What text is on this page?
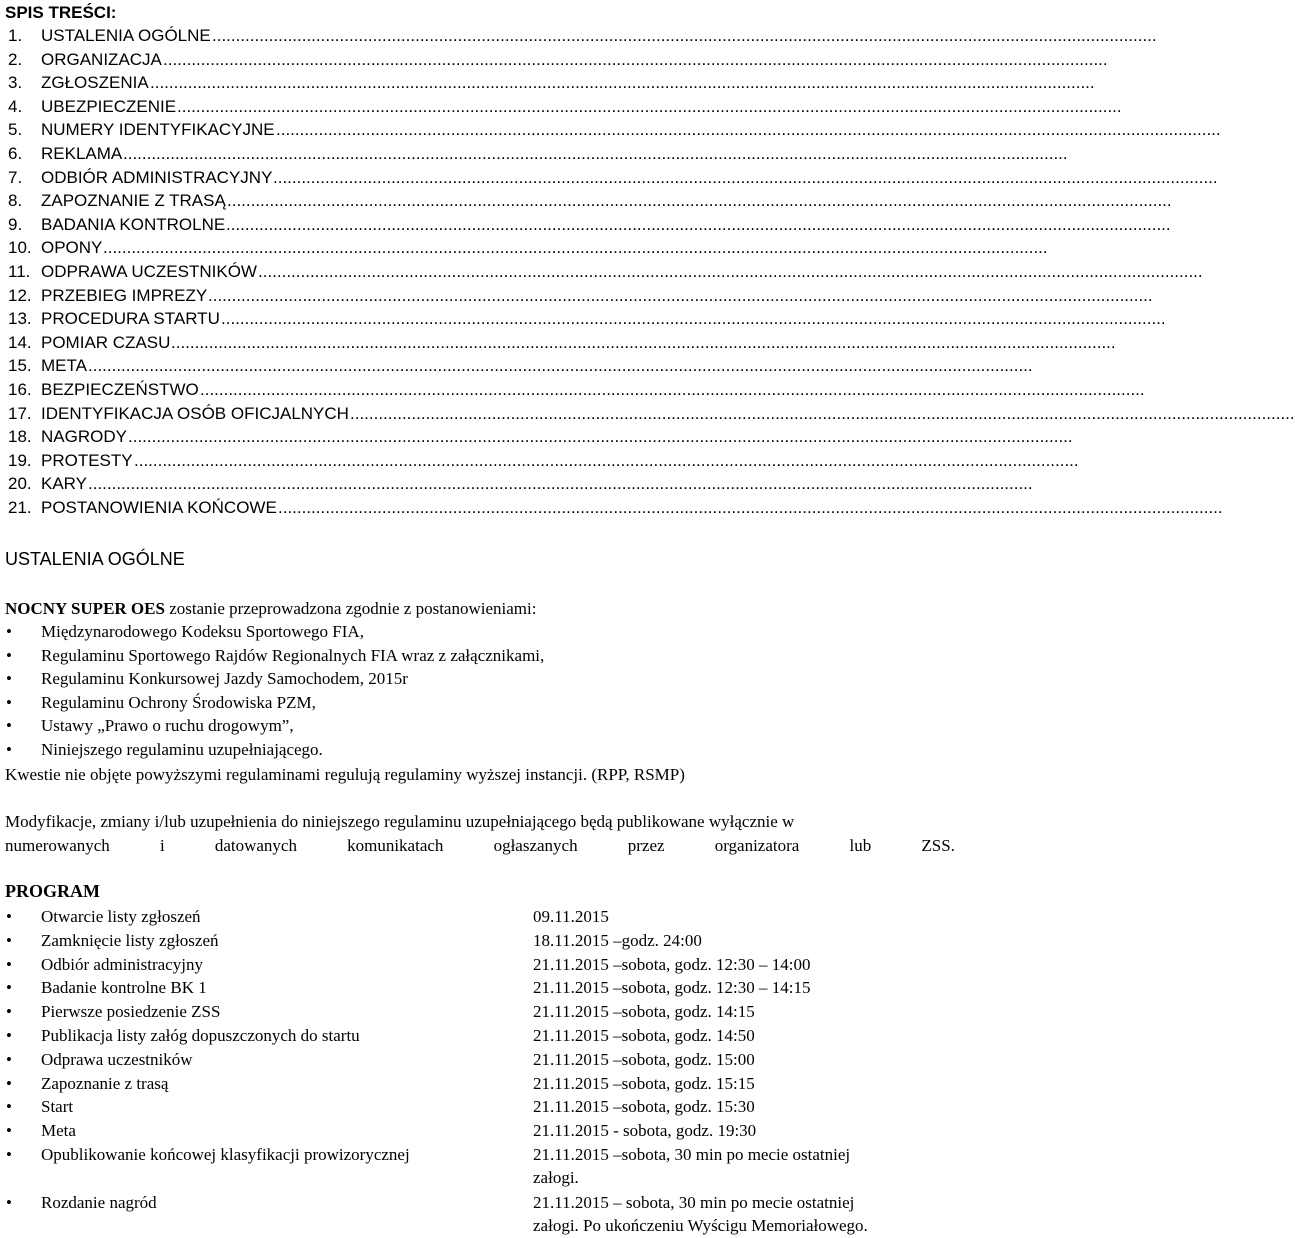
SPIS TREŚCI:
1. USTALENIA OGÓLNE ........................................................................................................................................................................................................
2. ORGANIZACJA ........................................................................................................................................................................................................
3. ZGŁOSZENIA ........................................................................................................................................................................................................
4. UBEZPIECZENIE ........................................................................................................................................................................................................
5. NUMERY IDENTYFIKACYJNE ........................................................................................................................................................................................................
6. REKLAMA ........................................................................................................................................................................................................
7. ODBIÓR ADMINISTRACYJNY ........................................................................................................................................................................................................
8. ZAPOZNANIE Z TRASĄ ........................................................................................................................................................................................................
9. BADANIA KONTROLNE ........................................................................................................................................................................................................
10. OPONY ........................................................................................................................................................................................................
11. ODPRAWA UCZESTNIKÓW ........................................................................................................................................................................................................
12. PRZEBIEG IMPREZY ........................................................................................................................................................................................................
13. PROCEDURA STARTU ........................................................................................................................................................................................................
14. POMIAR CZASU ........................................................................................................................................................................................................
15. META ........................................................................................................................................................................................................
16. BEZPIECZEŃSTWO ........................................................................................................................................................................................................
17. IDENTYFIKACJA OSÓB OFICJALNYCH ........................................................................................................................................................................................................
18. NAGRODY ........................................................................................................................................................................................................
19. PROTESTY ........................................................................................................................................................................................................
20. KARY ........................................................................................................................................................................................................
21. POSTANOWIENIA KOŃCOWE ........................................................................................................................................................................................................
USTALENIA OGÓLNE
NOCNY SUPER OES zostanie przeprowadzona zgodnie z postanowieniami:
• Międzynarodowego Kodeksu Sportowego FIA,
• Regulaminu Sportowego Rajdów Regionalnych FIA wraz z załącznikami,
• Regulaminu Konkursowej Jazdy Samochodem, 2015r
• Regulaminu Ochrony Środowiska PZM,
• Ustawy „Prawo o ruchu drogowym”,
• Niniejszego regulaminu uzupełniającego.
Kwestie nie objęte powyższymi regulaminami regulują regulaminy wyższej instancji. (RPP, RSMP)
Modyfikacje, zmiany i/lub uzupełnienia do niniejszego regulaminu uzupełniającego będą publikowane wyłącznie w
numerowanych	i	datowanych	komunikatach	ogłaszanych	przez	organizatora	lub	ZSS.
PROGRAM
• Otwarcie listy zgłoszeń	09.11.2015
• Zamknięcie listy zgłoszeń	18.11.2015 –godz. 24:00
• Odbiór administracyjny	21.11.2015 –sobota, godz. 12:30 – 14:00
• Badanie kontrolne BK 1	21.11.2015 –sobota, godz. 12:30 – 14:15
• Pierwsze posiedzenie ZSS	21.11.2015 –sobota, godz. 14:15
• Publikacja listy załóg dopuszczonych do startu	21.11.2015 –sobota, godz. 14:50
• Odprawa uczestników	21.11.2015 –sobota, godz. 15:00
• Zapoznanie z trasą	21.11.2015 –sobota, godz. 15:15
• Start	21.11.2015 –sobota, godz. 15:30
• Meta	21.11.2015 - sobota, godz. 19:30
• Opublikowanie końcowej klasyfikacji prowizorycznej	21.11.2015 –sobota, 30 min po mecie ostatniej
załogi.
• Rozdanie nagród	21.11.2015 – sobota, 30 min po mecie ostatniej
załogi. Po ukończeniu Wyścigu Memoriałowego.
